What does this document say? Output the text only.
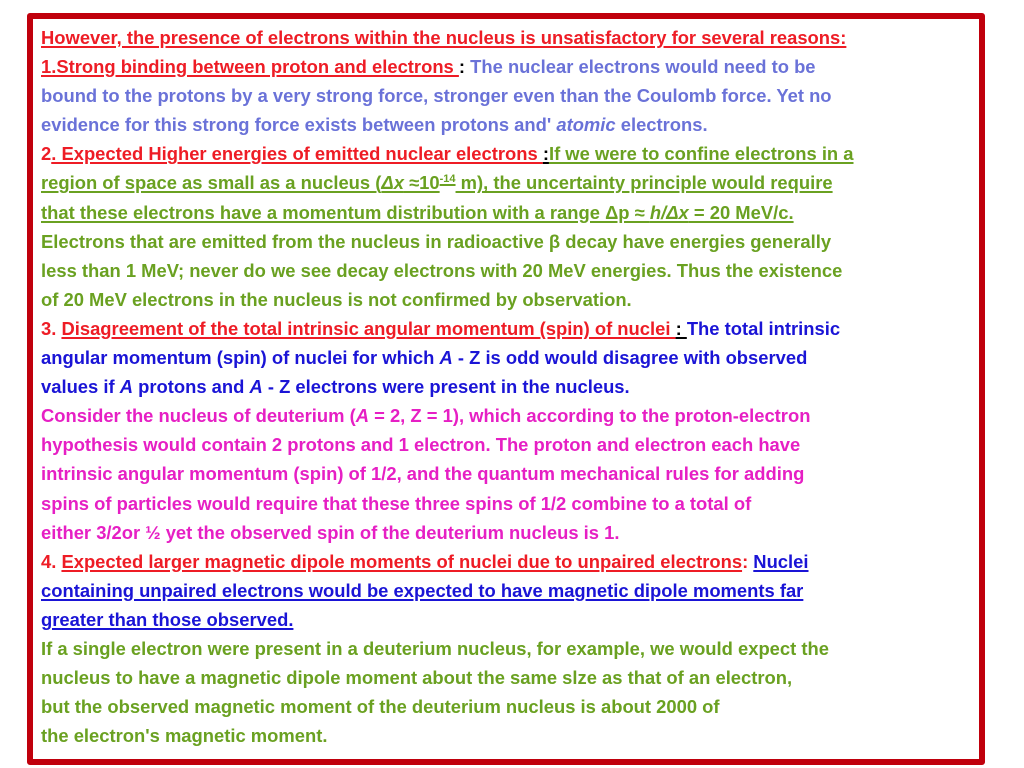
However, the presence of electrons within the nucleus is unsatisfactory for several reasons:
1.Strong binding between proton and electrons : The nuclear electrons would need to be
bound to the protons by a very strong force, stronger even than the Coulomb force. Yet no
evidence for this strong force exists between protons and' atomic electrons.
2. Expected Higher energies of emitted nuclear electrons :If we were to confine electrons in a
region of space as small as a nucleus ($\Delta x \approx 10^{-14}$ m), the uncertainty principle would require
that these electrons have a momentum distribution with a range Δp ≈ h/Δx = 20 MeV/c.
Electrons that are emitted from the nucleus in radioactive β decay have energies generally
less than 1 MeV; never do we see decay electrons with 20 MeV energies. Thus the existence
of 20 MeV electrons in the nucleus is not confirmed by observation.
3. Disagreement of the total intrinsic angular momentum (spin) of nuclei : The total intrinsic
angular momentum (spin) of nuclei for which A - Z is odd would disagree with observed
values if A protons and A - Z electrons were present in the nucleus.
Consider the nucleus of deuterium (A = 2, Z = 1), which according to the proton-electron
hypothesis would contain 2 protons and 1 electron. The proton and electron each have
intrinsic angular momentum (spin) of 1/2, and the quantum mechanical rules for adding
spins of particles would require that these three spins of 1/2 combine to a total of
either 3/2or ½ yet the observed spin of the deuterium nucleus is 1.
4. Expected larger magnetic dipole moments of nuclei due to unpaired electrons: Nuclei
containing unpaired electrons would be expected to have magnetic dipole moments far
greater than those observed.
If a single electron were present in a deuterium nucleus, for example, we would expect the
nucleus to have a magnetic dipole moment about the same slze as that of an electron,
but the observed magnetic moment of the deuterium nucleus is about 2000 of
the electron's magnetic moment.
